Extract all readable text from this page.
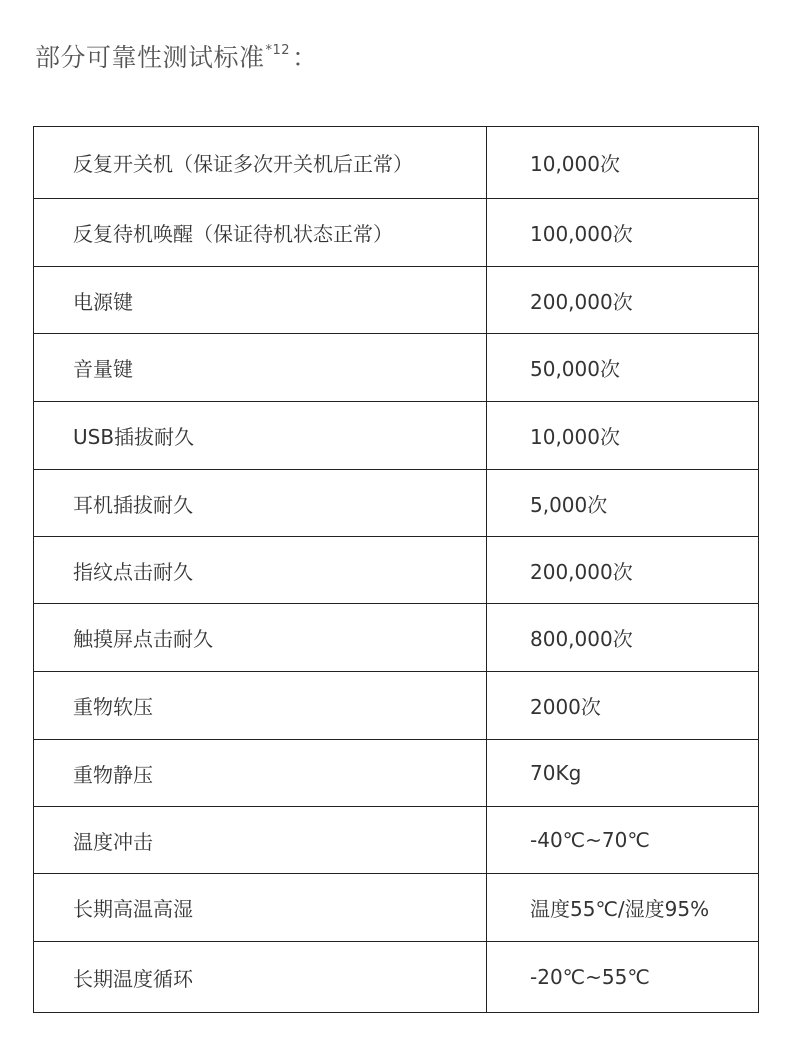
部分可靠性测试标准$^{*12}$：
反复开关机（保证多次开关机后正常）	10,000次
反复待机唤醒（保证待机状态正常）	100,000次
电源键	200,000次
音量键	50,000次
USB插拔耐久	10,000次
耳机插拔耐久	5,000次
指纹点击耐久	200,000次
触摸屏点击耐久	800,000次
重物软压	2000次
重物静压	70Kg
温度冲击	-40℃~70℃
长期高温高湿	温度55℃/湿度95%
长期温度循环	-20℃~55℃
